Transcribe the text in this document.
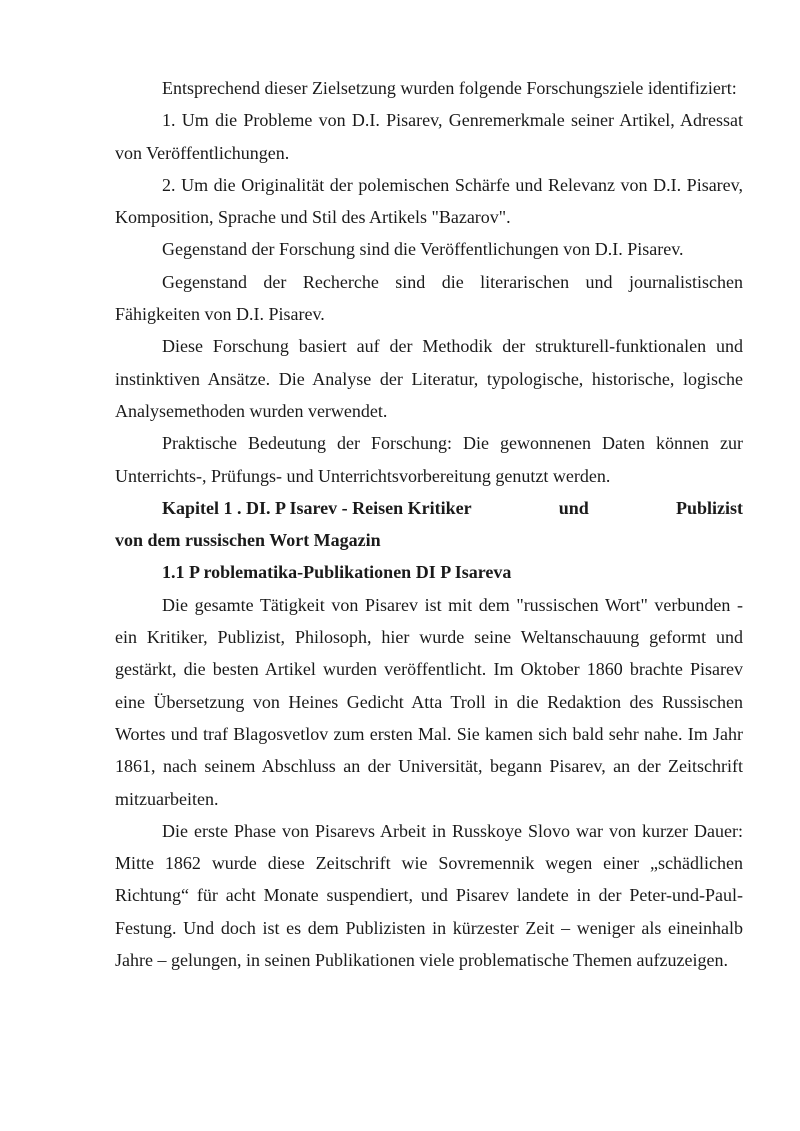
Entsprechend dieser Zielsetzung wurden folgende Forschungsziele identifiziert:

1. Um die Probleme von D.I. Pisarev, Genremerkmale seiner Artikel, Adressat von Veröffentlichungen.

2. Um die Originalität der polemischen Schärfe und Relevanz von D.I. Pisarev, Komposition, Sprache und Stil des Artikels "Bazarov".

Gegenstand der Forschung sind die Veröffentlichungen von D.I. Pisarev.

Gegenstand der Recherche sind die literarischen und journalistischen Fähigkeiten von D.I. Pisarev.

Diese Forschung basiert auf der Methodik der strukturell-funktionalen und instinktiven Ansätze. Die Analyse der Literatur, typologische, historische, logische Analysemethoden wurden verwendet.

Praktische Bedeutung der Forschung: Die gewonnenen Daten können zur Unterrichts-, Prüfungs- und Unterrichtsvorbereitung genutzt werden.

Kapitel 1 . DI. P Isarev - Reisen Kritiker	und	Publizist

von dem russischen Wort Magazin

1.1 P roblematika-Publikationen DI P Isareva

Die gesamte Tätigkeit von Pisarev ist mit dem "russischen Wort" verbunden - ein Kritiker, Publizist, Philosoph, hier wurde seine Weltanschauung geformt und gestärkt, die besten Artikel wurden veröffentlicht. Im Oktober 1860 brachte Pisarev eine Übersetzung von Heines Gedicht Atta Troll in die Redaktion des Russischen Wortes und traf Blagosvetlov zum ersten Mal. Sie kamen sich bald sehr nahe. Im Jahr 1861, nach seinem Abschluss an der Universität, begann Pisarev, an der Zeitschrift mitzuarbeiten.

Die erste Phase von Pisarevs Arbeit in Russkoye Slovo war von kurzer Dauer: Mitte 1862 wurde diese Zeitschrift wie Sovremennik wegen einer „schädlichen Richtung“ für acht Monate suspendiert, und Pisarev landete in der Peter-und-Paul-Festung. Und doch ist es dem Publizisten in kürzester Zeit – weniger als eineinhalb Jahre – gelungen, in seinen Publikationen viele problematische Themen aufzuzeigen.
